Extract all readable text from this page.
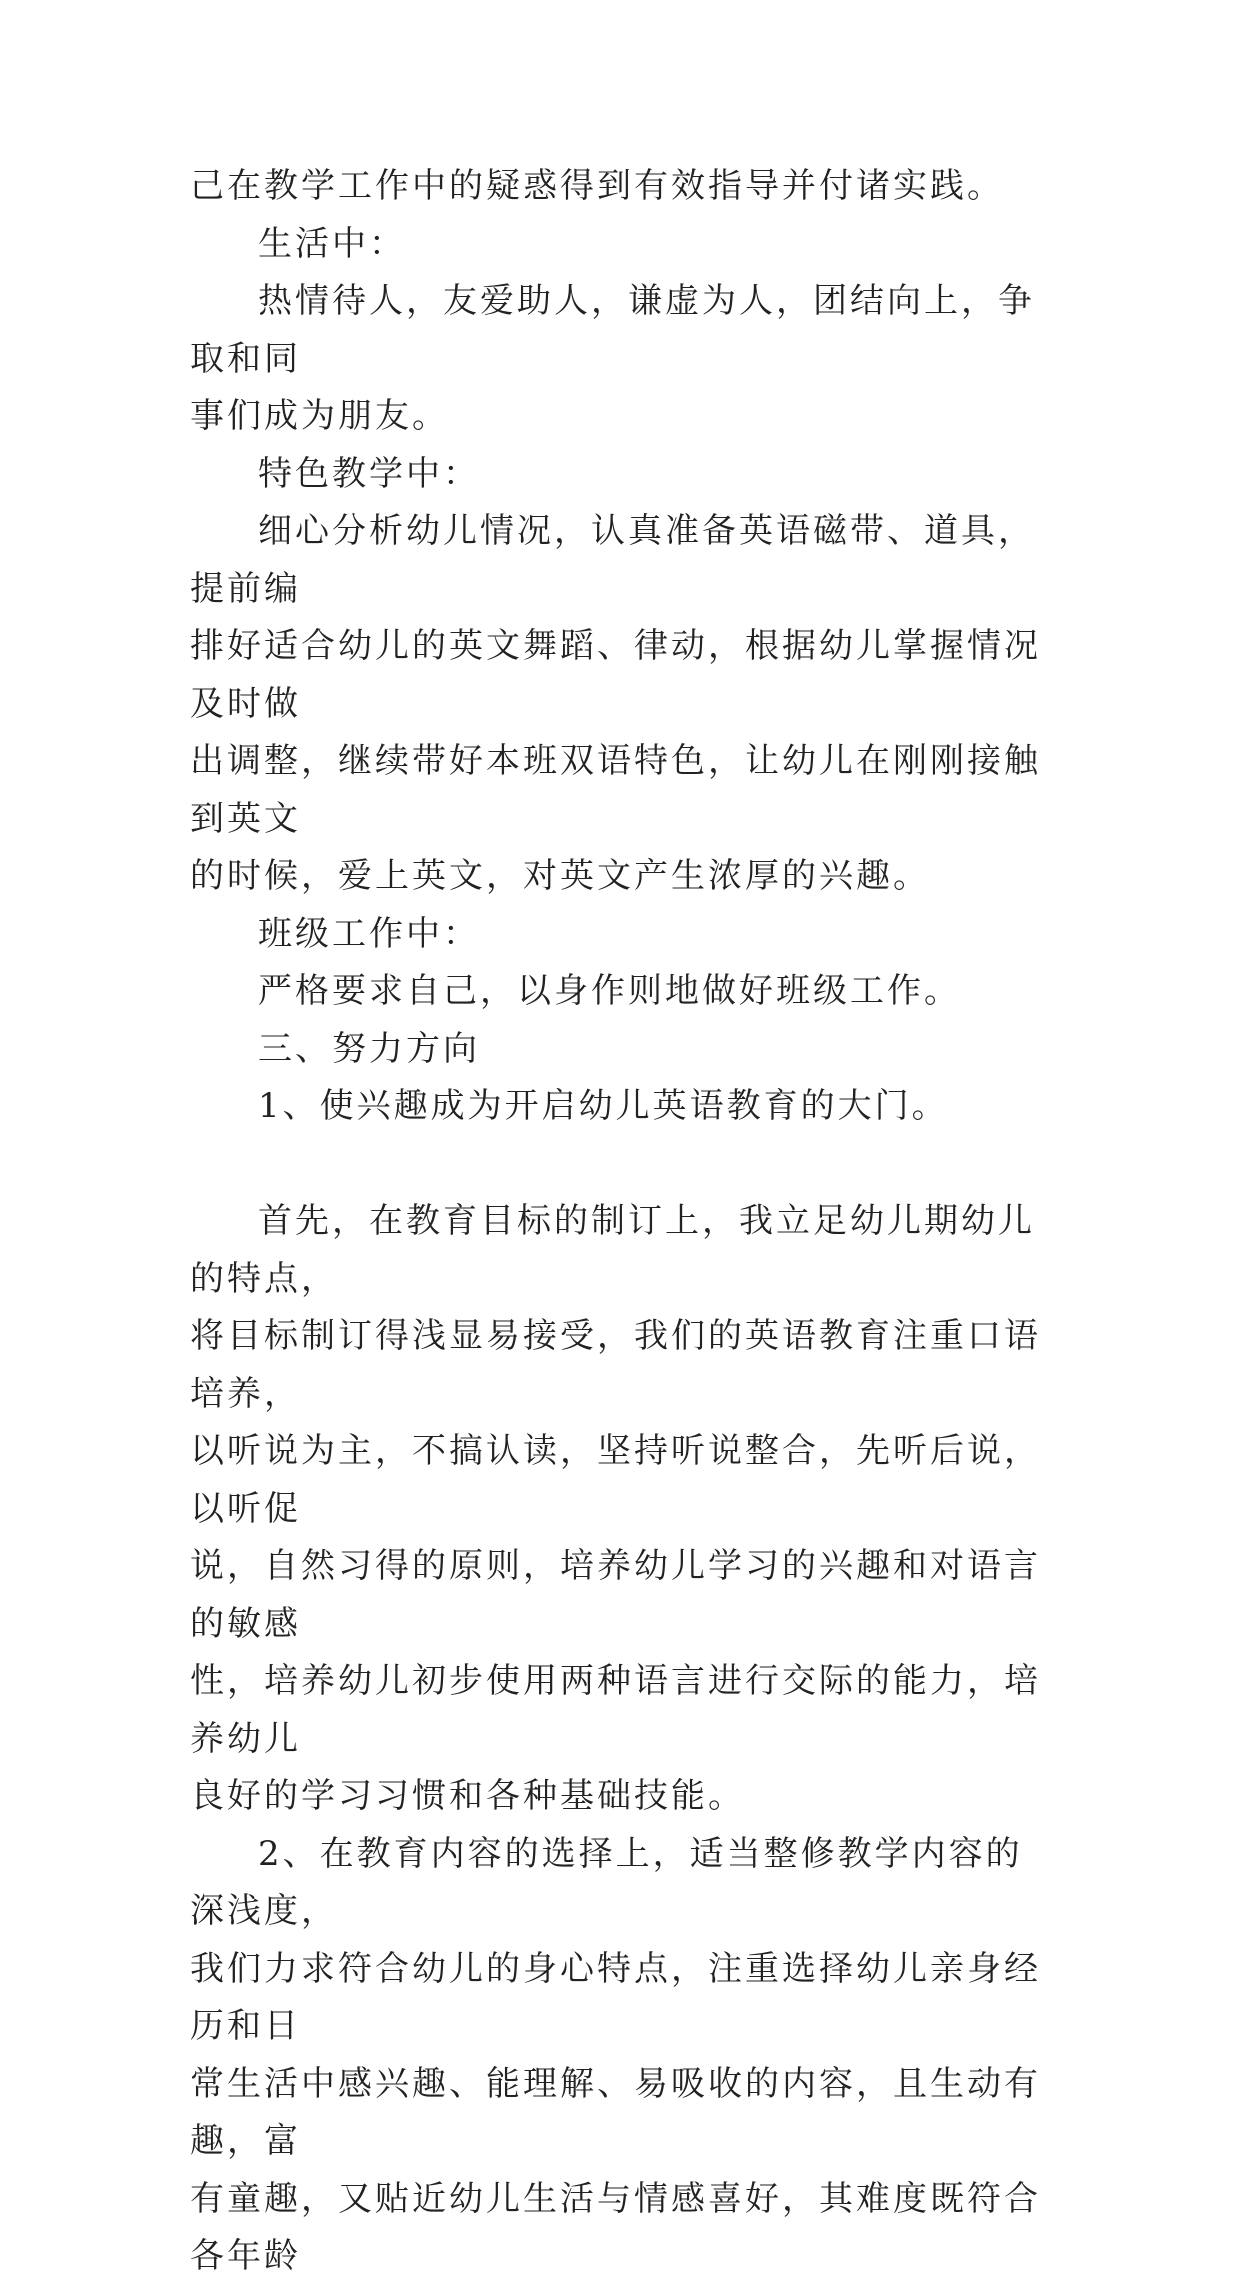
己在教学工作中的疑惑得到有效指导并付诸实践。
生活中：
热情待人，友爱助人，谦虚为人，团结向上，争取和同
事们成为朋友。
特色教学中：
细心分析幼儿情况，认真准备英语磁带、道具，提前编
排好适合幼儿的英文舞蹈、律动，根据幼儿掌握情况及时做
出调整，继续带好本班双语特色，让幼儿在刚刚接触到英文
的时候，爱上英文，对英文产生浓厚的兴趣。
班级工作中：
严格要求自己，以身作则地做好班级工作。
三、努力方向
1、使兴趣成为开启幼儿英语教育的大门。
首先，在教育目标的制订上，我立足幼儿期幼儿的特点，
将目标制订得浅显易接受，我们的英语教育注重口语培养，
以听说为主，不搞认读，坚持听说整合，先听后说，以听促
说，自然习得的原则，培养幼儿学习的兴趣和对语言的敏感
性，培养幼儿初步使用两种语言进行交际的能力，培养幼儿
良好的学习习惯和各种基础技能。
2、在教育内容的选择上，适当整修教学内容的深浅度，
我们力求符合幼儿的身心特点，注重选择幼儿亲身经历和日
常生活中感兴趣、能理解、易吸收的内容，且生动有趣，富
有童趣，又贴近幼儿生活与情感喜好，其难度既符合各年龄
